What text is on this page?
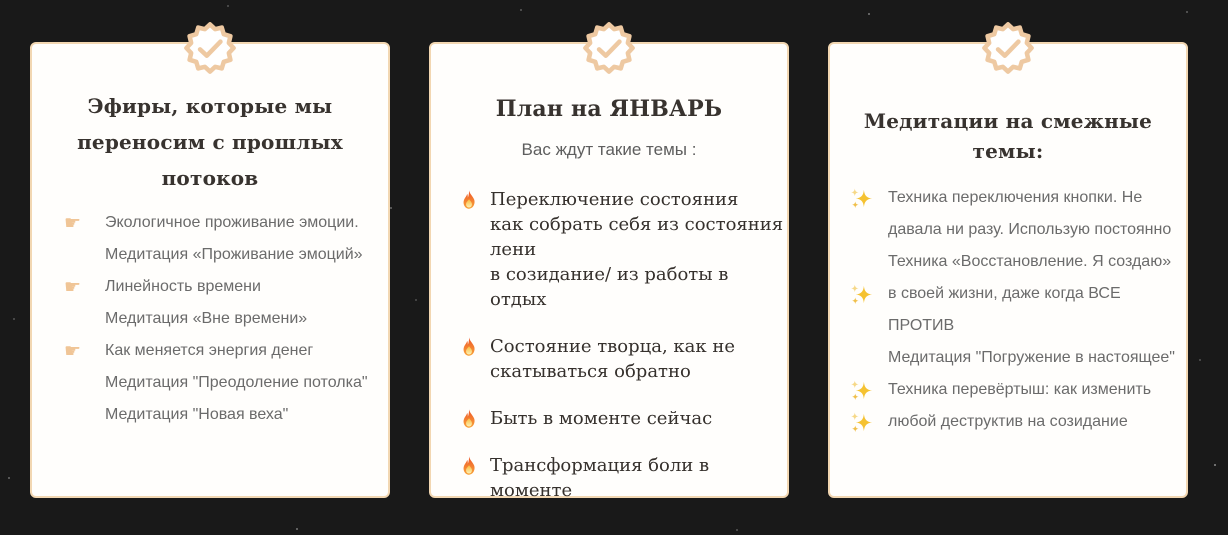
Эфиры, которые мы
переносим с прошлых потоков
☛	Экологичное проживание эмоции.
Медитация «Проживание эмоций»
☛	Линейность времени
Медитация «Вне времени»
☛	Как меняется энергия денег
Медитация "Преодоление потолка"
Медитация "Новая веха"
План на ЯНВАРЬ
Вас ждут такие темы :
Переключение состояния
как собрать себя из состояния лени
в созидание/ из работы в отдых
Состояние творца, как не
скатываться обратно
Быть в моменте сейчас
Трансформация боли в моменте
Медитации на смежные темы:
Техника переключения кнопки. Не
давала ни разу. Использую постоянно
Техника «Восстановление. Я создаю»
в своей жизни, даже когда ВСЕ
ПРОТИВ
Медитация "Погружение в настоящее"
Техника перевёртыш: как изменить
любой деструктив на созидание
